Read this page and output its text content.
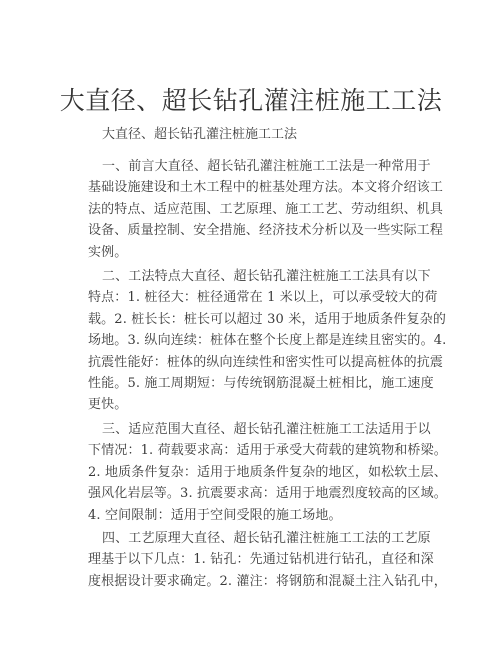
大直径、超长钻孔灌注桩施工工法
大直径、超长钻孔灌注桩施工工法
一、前言大直径、超长钻孔灌注桩施工工法是一种常用于
基础设施建设和土木工程中的桩基处理方法。本文将介绍该工
法的特点、适应范围、工艺原理、施工工艺、劳动组织、机具
设备、质量控制、安全措施、经济技术分析以及一些实际工程
实例。
二、工法特点大直径、超长钻孔灌注桩施工工法具有以下
特点：1. 桩径大：桩径通常在 1 米以上，可以承受较大的荷
载。2. 桩长长：桩长可以超过 30 米，适用于地质条件复杂的
场地。3. 纵向连续：桩体在整个长度上都是连续且密实的。4.
抗震性能好：桩体的纵向连续性和密实性可以提高桩体的抗震
性能。5. 施工周期短：与传统钢筋混凝土桩相比，施工速度
更快。
三、适应范围大直径、超长钻孔灌注桩施工工法适用于以
下情况：1. 荷载要求高：适用于承受大荷载的建筑物和桥梁。
2. 地质条件复杂：适用于地质条件复杂的地区，如松软土层、
强风化岩层等。3. 抗震要求高：适用于地震烈度较高的区域。
4. 空间限制：适用于空间受限的施工场地。
四、工艺原理大直径、超长钻孔灌注桩施工工法的工艺原
理基于以下几点：1. 钻孔：先通过钻机进行钻孔，直径和深
度根据设计要求确定。2. 灌注：将钢筋和混凝土注入钻孔中，
